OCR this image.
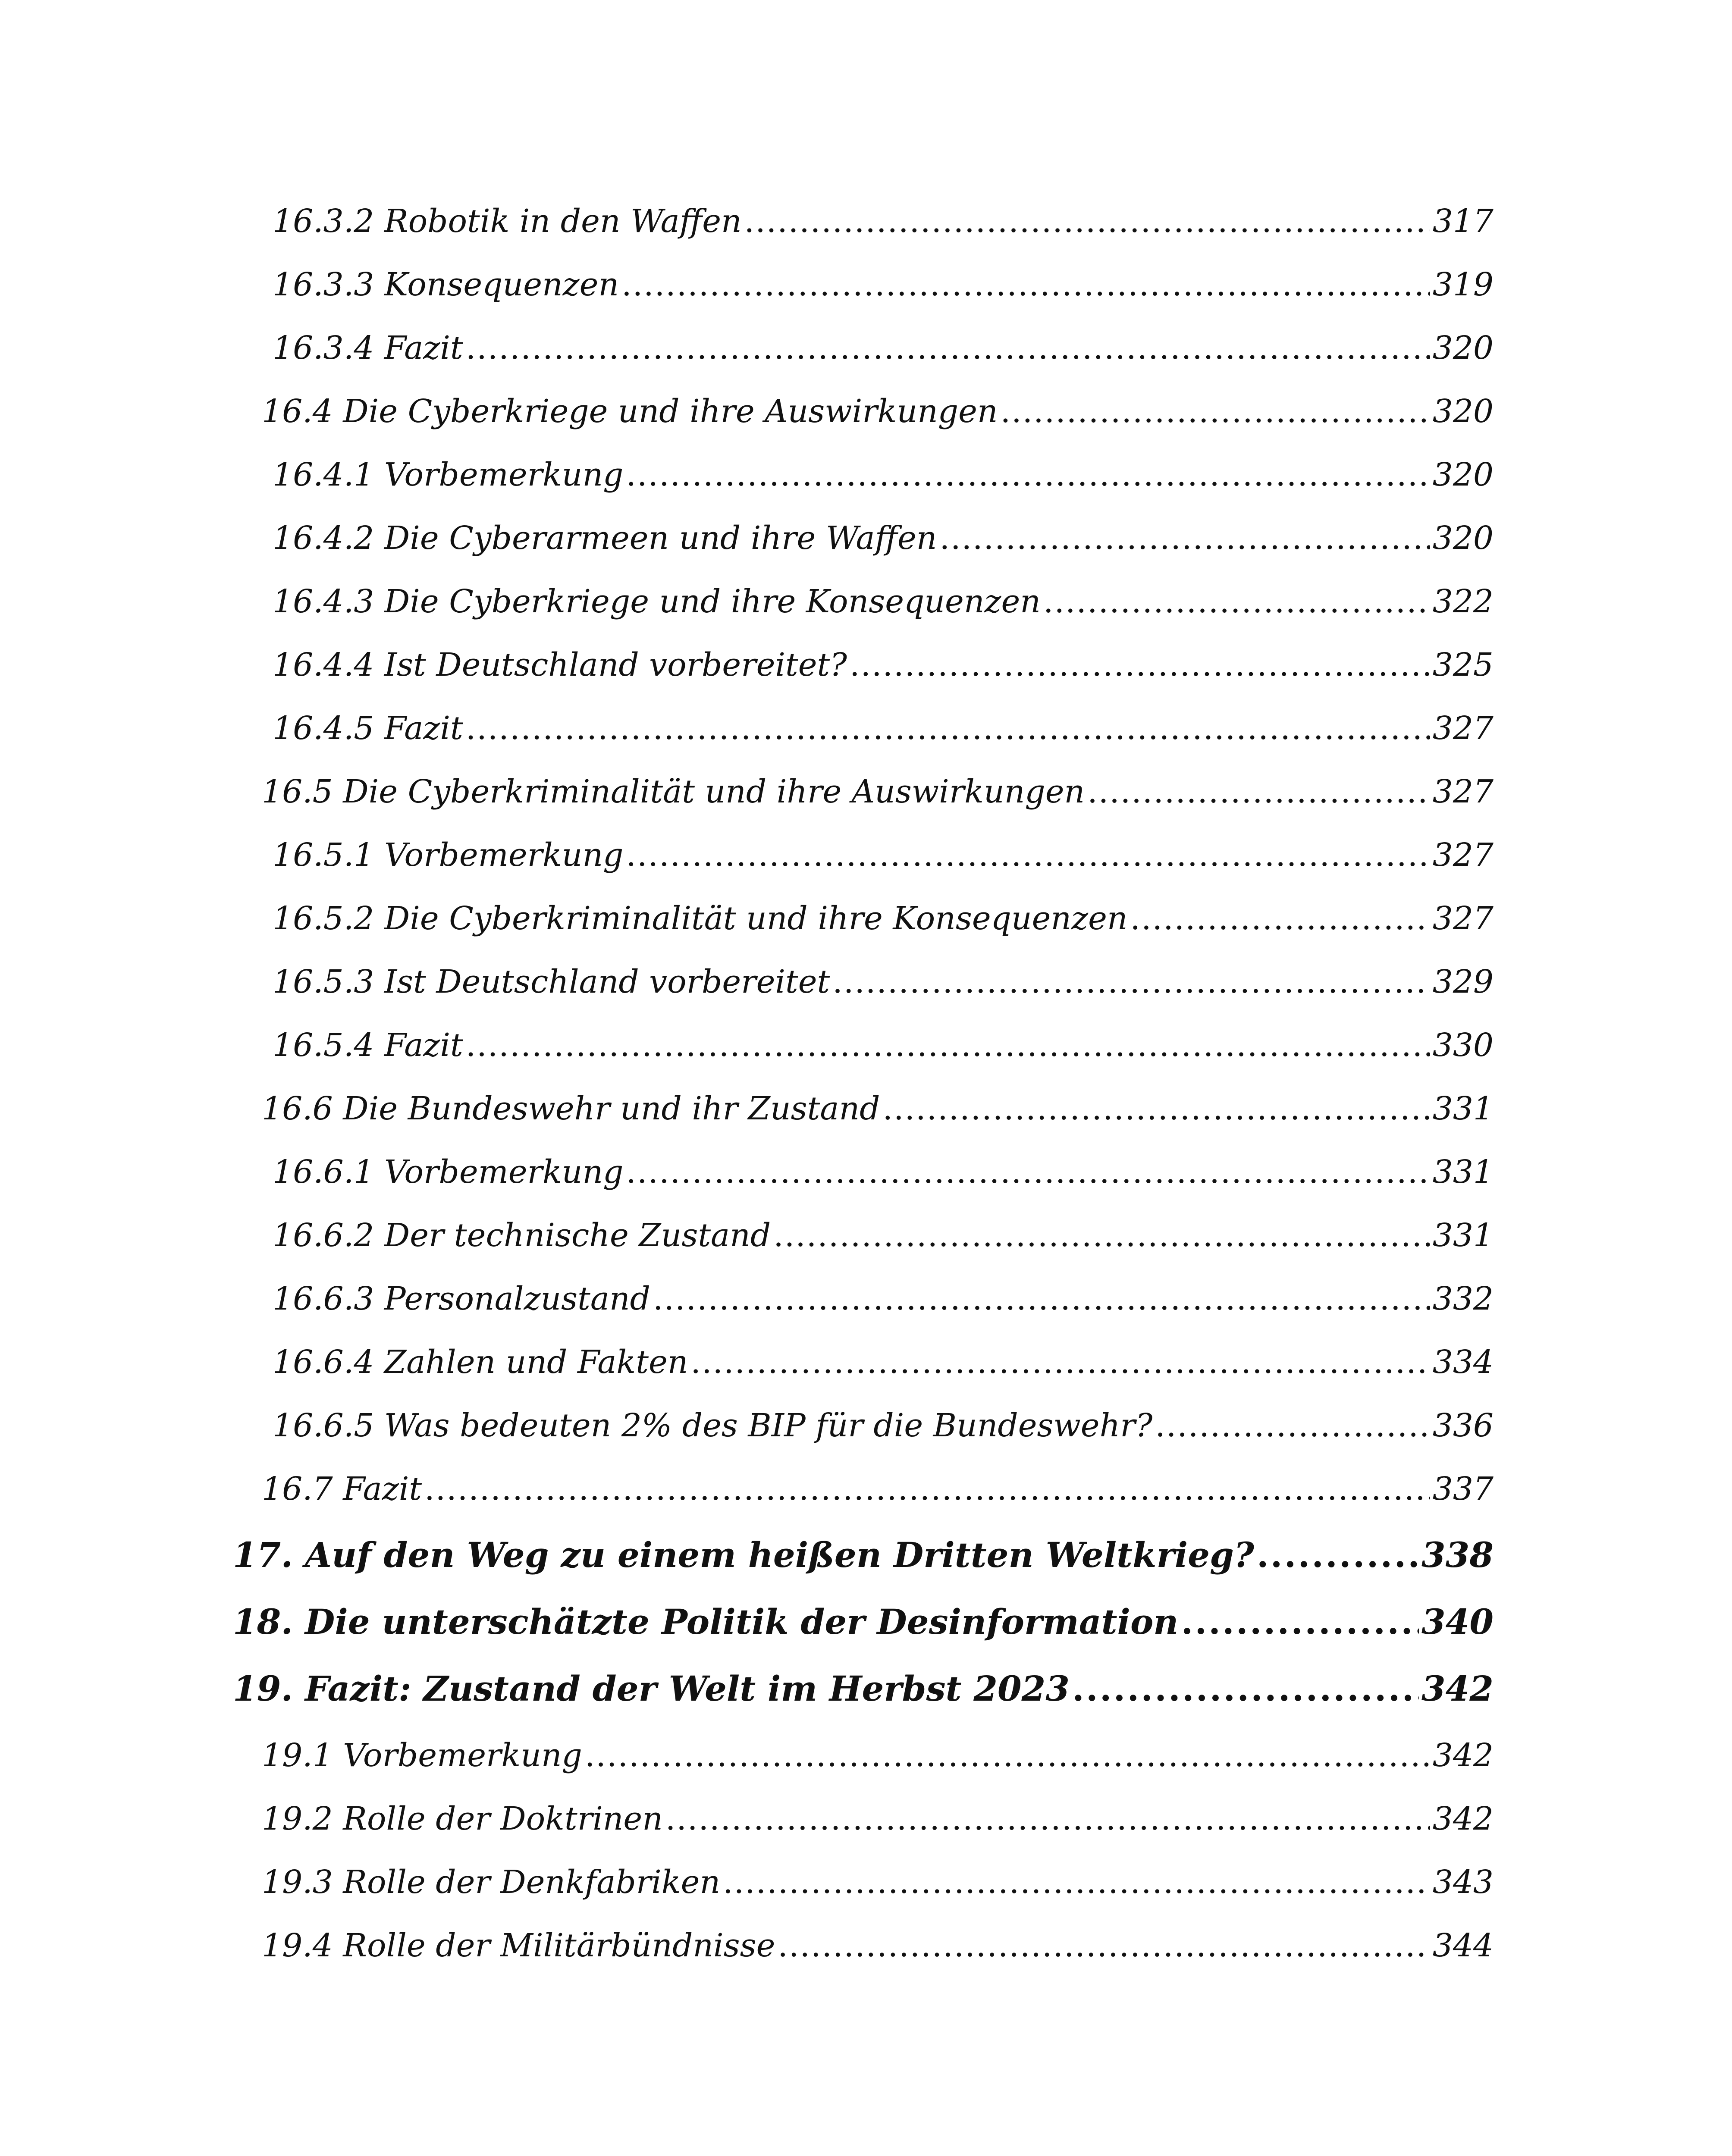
16.3.2 Robotik in den Waffen .....	317
16.3.3 Konsequenzen .....	319
16.3.4 Fazit .....	320
16.4 Die Cyberkriege und ihre Auswirkungen .....	320
16.4.1 Vorbemerkung .....	320
16.4.2 Die Cyberarmeen und ihre Waffen .....	320
16.4.3 Die Cyberkriege und ihre Konsequenzen .....	322
16.4.4 Ist Deutschland vorbereitet? .....	325
16.4.5 Fazit .....	327
16.5 Die Cyberkriminalität und ihre Auswirkungen .....	327
16.5.1 Vorbemerkung .....	327
16.5.2 Die Cyberkriminalität und ihre Konsequenzen .....	327
16.5.3 Ist Deutschland vorbereitet .....	329
16.5.4 Fazit .....	330
16.6 Die Bundeswehr und ihr Zustand .....	331
16.6.1 Vorbemerkung .....	331
16.6.2 Der technische Zustand .....	331
16.6.3 Personalzustand .....	332
16.6.4 Zahlen und Fakten .....	334
16.6.5 Was bedeuten 2% des BIP für die Bundeswehr? .....	336
16.7 Fazit .....	337
17. Auf den Weg zu einem heißen Dritten Weltkrieg? .....	338
18. Die unterschätzte Politik der Desinformation .....	340
19. Fazit: Zustand der Welt im Herbst 2023 .....	342
19.1 Vorbemerkung .....	342
19.2 Rolle der Doktrinen .....	342
19.3 Rolle der Denkfabriken .....	343
19.4 Rolle der Militärbündnisse .....	344
